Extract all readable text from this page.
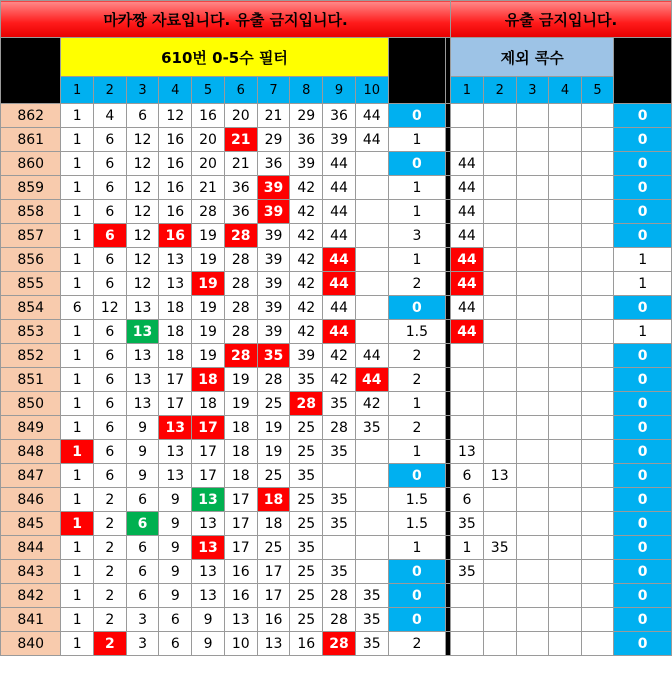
마카짱 자료입니다. 유출 금지입니다.													유출 금지입니다.					
회차	610번 0-5수 필터										결과		제외 콕수					결과
	1	2	3	4	5	6	7	8	9	10			1	2	3	4	5	
862	1	4	6	12	16	20	21	29	36	44	0							0
861	1	6	12	16	20	21	29	36	39	44	1							0
860	1	6	12	16	20	21	36	39	44		0		44					0
859	1	6	12	16	21	36	39	42	44		1		44					0
858	1	6	12	16	28	36	39	42	44		1		44					0
857	1	6	12	16	19	28	39	42	44		3		44					0
856	1	6	12	13	19	28	39	42	44		1		44					1
855	1	6	12	13	19	28	39	42	44		2		44					1
854	6	12	13	18	19	28	39	42	44		0		44					0
853	1	6	13	18	19	28	39	42	44		1.5		44					1
852	1	6	13	18	19	28	35	39	42	44	2							0
851	1	6	13	17	18	19	28	35	42	44	2							0
850	1	6	13	17	18	19	25	28	35	42	1							0
849	1	6	9	13	17	18	19	25	28	35	2							0
848	1	6	9	13	17	18	19	25	35		1		13					0
847	1	6	9	13	17	18	25	35			0		6	13				0
846	1	2	6	9	13	17	18	25	35		1.5		6					0
845	1	2	6	9	13	17	18	25	35		1.5		35					0
844	1	2	6	9	13	17	25	35			1		1	35				0
843	1	2	6	9	13	16	17	25	35		0		35					0
842	1	2	6	9	13	16	17	25	28	35	0							0
841	1	2	3	6	9	13	16	25	28	35	0							0
840	1	2	3	6	9	10	13	16	28	35	2							0
